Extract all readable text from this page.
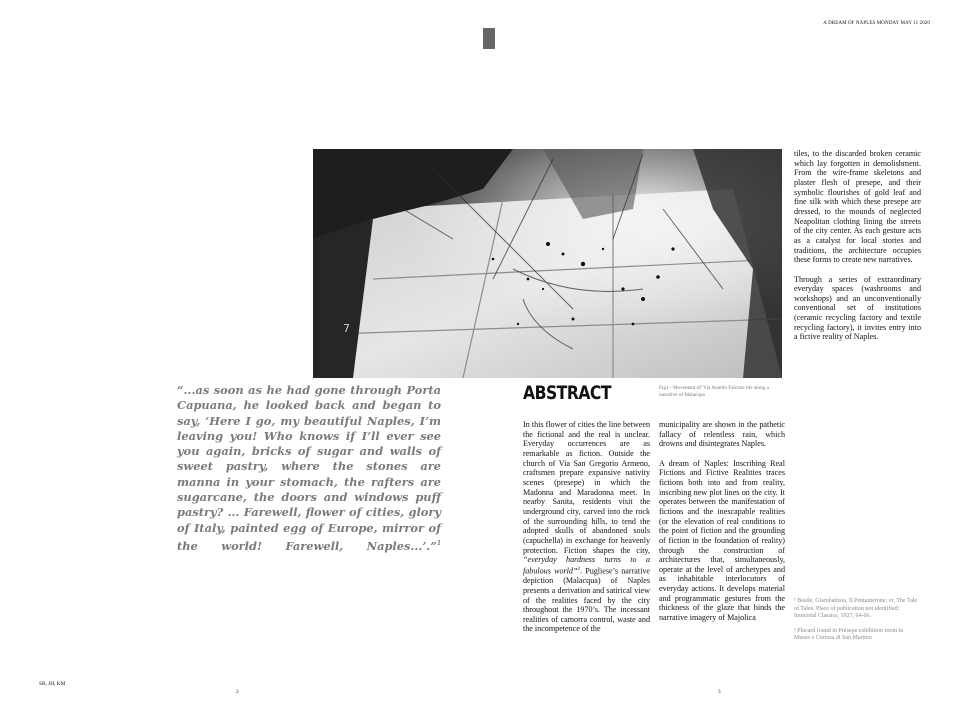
A DREAM OF NAPLES MONDAY MAY 11 2020
7
“...as soon as he had gone through Porta Capuana, he looked back and began to say, ‘Here I go, my beautiful Naples, I’m leaving you! Who knows if I’ll ever see you again, bricks of sugar and walls of sweet pastry, where the stones are manna in your stomach, the rafters are sugarcane, the doors and windows puff pastry? ... Farewell, flower of cities, glory of Italy, painted egg of Europe, mirror of the world! Farewell, Naples...’.”$^1$
ABSTRACT	Fig1 - Movement of 'Via Aniello Falcone tile along a narrative of Malacqua

In this flower of cities the line between the fictional and the real is unclear. Everyday occurrences are as remarkable as fiction. Outside the church of Via San Gregorio Armeno, craftsmen prepare expansive nativity scenes (presepe) in which the Madonna and Maradonna meet. In nearby Sanita, residents visit the underground city, carved into the rock of the surrounding hills, to tend the adopted skulls of abandoned souls (capuchella) in exchange for heavenly protection. Fiction shapes the city, “everyday hardness turns to a fabulous world”$^2$. Pugliese’s narrative depiction (Malacqua) of Naples presents a derivation and satirical view of the realities faced by the city throughout the 1970’s. The incessant realities of camorra control, waste and the incompetence of the

municipality are shown in the pathetic fallacy of relentless rain, which drowns and disintegrates Naples.

A dream of Naples: Inscribing Real Fictions and Fictive Realities traces fictions both into and from reality, inscribing new plot lines on the city. It operates between the manifestation of fictions and the inescapable realities (or the elevation of real conditions to the point of fiction and the grounding of fiction in the foundation of reality) through the construction of architectures that, simultaneously, operate at the level of archetypes and as inhabitable interlocutors of everyday actions. It develops material and programmatic gestures from the thickness of the glaze that binds the narrative imagery of Majolica

tiles, to the discarded broken ceramic which lay forgotten in demolishment. From the wire-frame skeletons and plaster flesh of presepe, and their symbolic flourishes of gold leaf and fine silk with which these presepe are dressed, to the mounds of neglected Neapolitan clothing lining the streets of the city center. As each gesture acts as a catalyst for local stories and traditions, the architecture occupies these forms to create new narratives.

Through a series of extraordinary everyday spaces (washrooms and workshops) and an unconventionally conventional set of institutions (ceramic recycling factory and textile recycling factory), it invites entry into a fictive reality of Naples.

¹ Basile, Giambattista, Il Pentamerone; or, The Tale of Tales. Place of publication not identified: Immortal Classics, 1927, 64-66.

² Placard found in Presepe exhibition room in Museo e Certosa di San Martino

SB, JH, KM
2	3
